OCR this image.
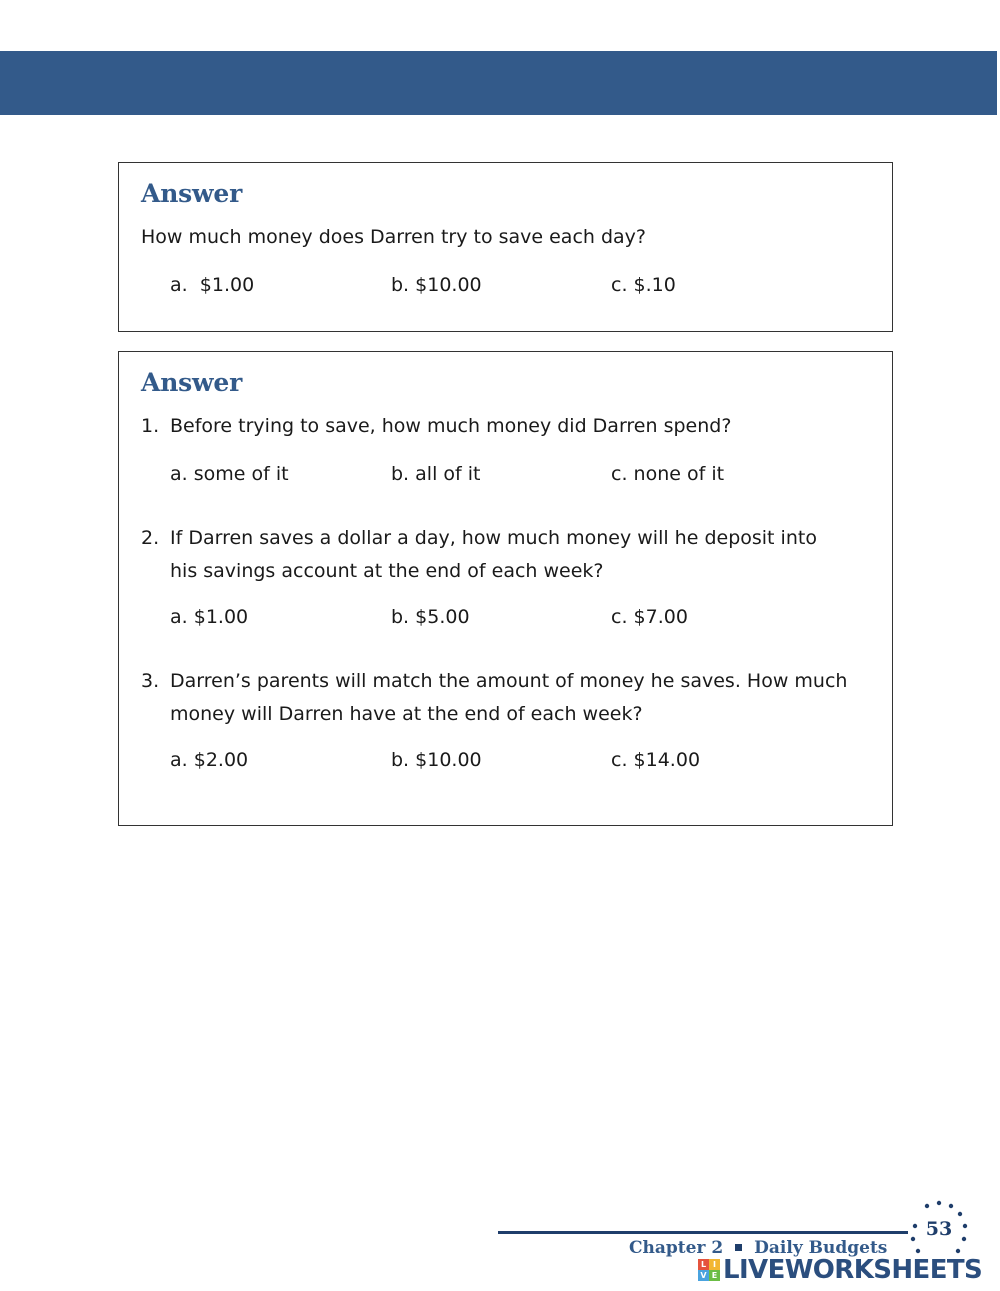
Answer
How much money does Darren try to save each day?
a. $1.00	b. $10.00	c. $.10
Answer
1. Before trying to save, how much money did Darren spend?
a. some of it	b. all of it	c. none of it
2. If Darren saves a dollar a day, how much money will he deposit into his savings account at the end of each week?
a. $1.00	b. $5.00	c. $7.00
3. Darren’s parents will match the amount of money he saves. How much money will Darren have at the end of each week?
a. $2.00	b. $10.00	c. $14.00
Chapter 2 Daily Budgets
53
L I
V E LIVEWORKSHEETS
